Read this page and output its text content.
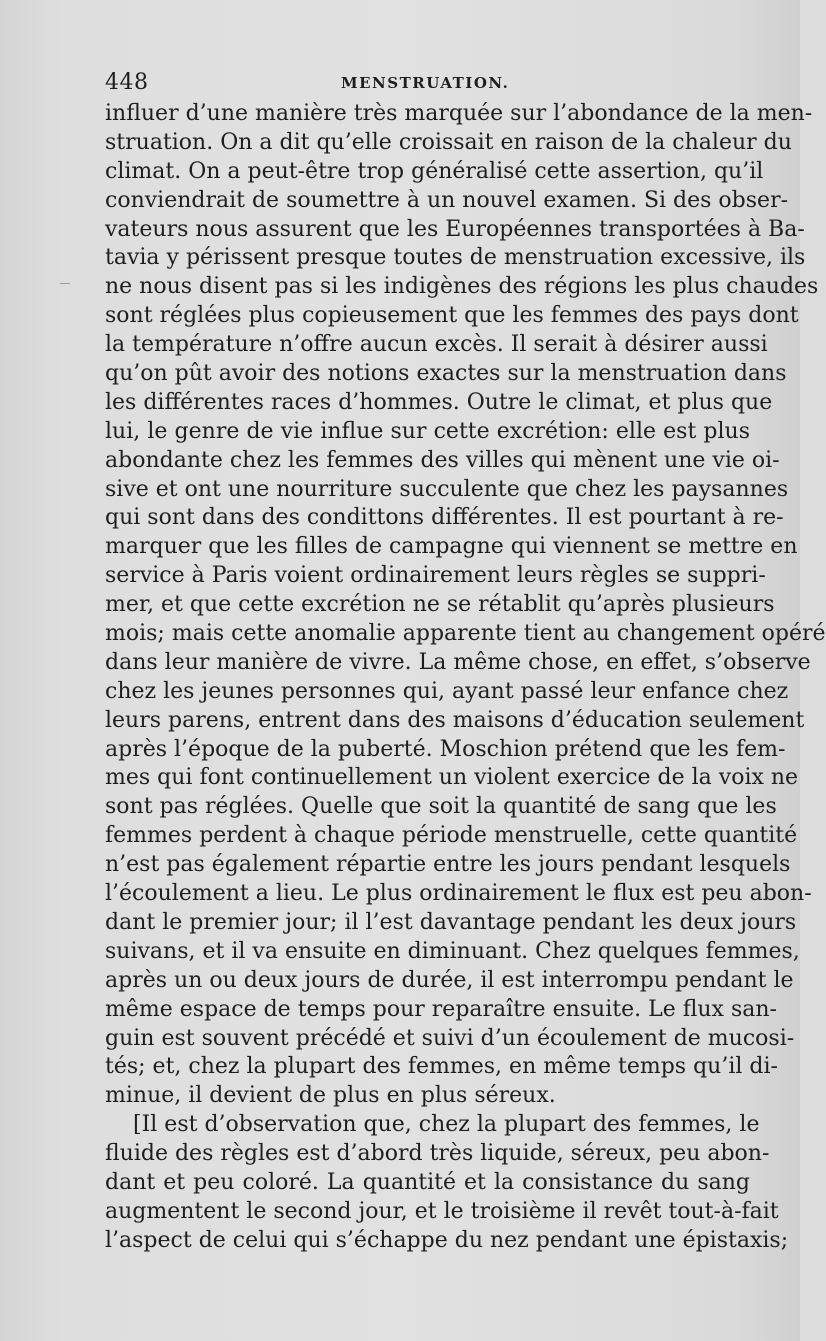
448	MENSTRUATION.
influer d’une manière très marquée sur l’abondance de la men-
struation. On a dit qu’elle croissait en raison de la chaleur du
climat. On a peut-être trop généralisé cette assertion, qu’il
conviendrait de soumettre à un nouvel examen. Si des obser-
vateurs nous assurent que les Européennes transportées à Ba-
tavia y périssent presque toutes de menstruation excessive, ils
ne nous disent pas si les indigènes des régions les plus chaudes
sont réglées plus copieusement que les femmes des pays dont
la température n’offre aucun excès. Il serait à désirer aussi
qu’on pût avoir des notions exactes sur la menstruation dans
les différentes races d’hommes. Outre le climat, et plus que
lui, le genre de vie influe sur cette excrétion: elle est plus
abondante chez les femmes des villes qui mènent une vie oi-
sive et ont une nourriture succulente que chez les paysannes
qui sont dans des condittons différentes. Il est pourtant à re-
marquer que les filles de campagne qui viennent se mettre en
service à Paris voient ordinairement leurs règles se suppri-
mer, et que cette excrétion ne se rétablit qu’après plusieurs
mois; mais cette anomalie apparente tient au changement opéré
dans leur manière de vivre. La même chose, en effet, s’observe
chez les jeunes personnes qui, ayant passé leur enfance chez
leurs parens, entrent dans des maisons d’éducation seulement
après l’époque de la puberté. Moschion prétend que les fem-
mes qui font continuellement un violent exercice de la voix ne
sont pas réglées. Quelle que soit la quantité de sang que les
femmes perdent à chaque période menstruelle, cette quantité
n’est pas également répartie entre les jours pendant lesquels
l’écoulement a lieu. Le plus ordinairement le flux est peu abon-
dant le premier jour; il l’est davantage pendant les deux jours
suivans, et il va ensuite en diminuant. Chez quelques femmes,
après un ou deux jours de durée, il est interrompu pendant le
même espace de temps pour reparaître ensuite. Le flux san-
guin est souvent précédé et suivi d’un écoulement de mucosi-
tés; et, chez la plupart des femmes, en même temps qu’il di-
minue, il devient de plus en plus séreux.
[Il est d’observation que, chez la plupart des femmes, le
fluide des règles est d’abord très liquide, séreux, peu abon-
dant et peu coloré. La quantité et la consistance du sang
augmentent le second jour, et le troisième il revêt tout-à-fait
l’aspect de celui qui s’échappe du nez pendant une épistaxis;
